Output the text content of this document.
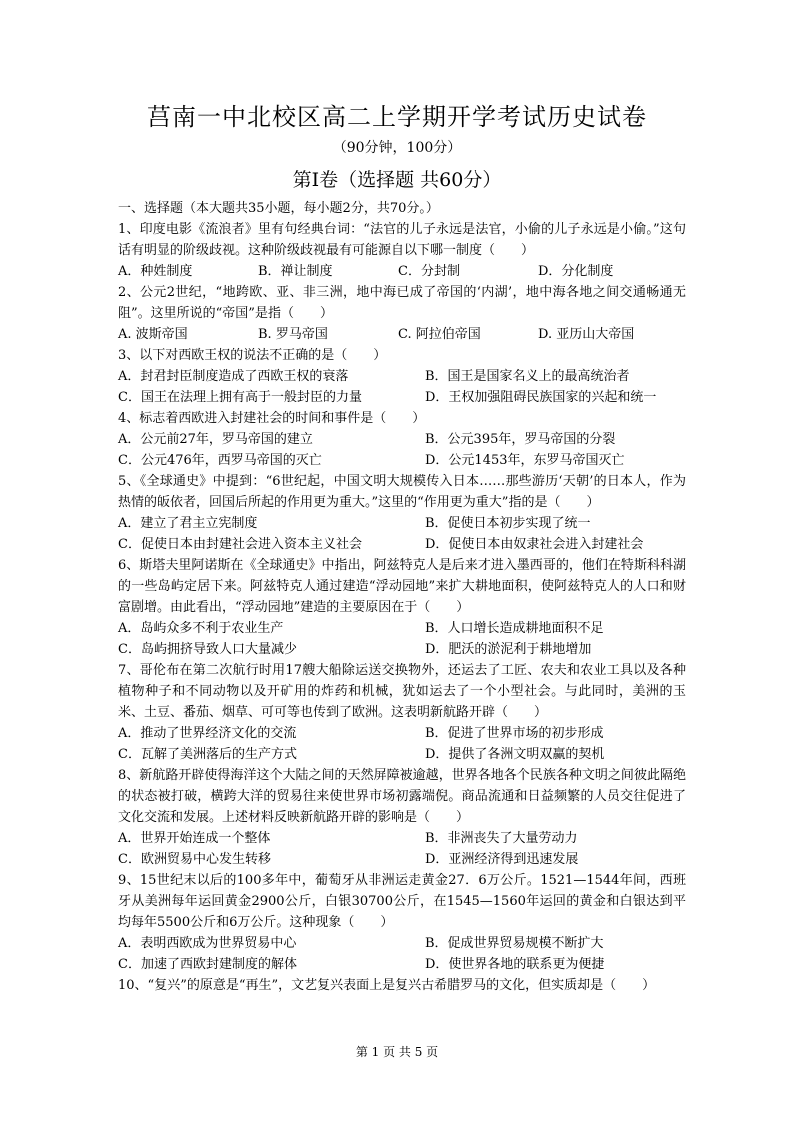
莒南一中北校区高二上学期开学考试历史试卷
（90分钟，100分）
第Ⅰ卷（选择题 共60分）
一、选择题（本大题共35小题，每小题2分，共70分。）
1、印度电影《流浪者》里有句经典台词：“法官的儿子永远是法官，小偷的儿子永远是小偷。”这句话有明显的阶级歧视。这种阶级歧视最有可能源自以下哪一制度（　　）
A．种姓制度	B．禅让制度	C．分封制	D．分化制度
2、公元2世纪，“地跨欧、亚、非三洲，地中海已成了帝国的‘内湖’，地中海各地之间交通畅通无阻”。这里所说的“帝国”是指（　　）
A. 波斯帝国	B. 罗马帝国	C. 阿拉伯帝国	D. 亚历山大帝国
3、以下对西欧王权的说法不正确的是（　　）
A．封君封臣制度造成了西欧王权的衰落	B．国王是国家名义上的最高统治者
C．国王在法理上拥有高于一般封臣的力量	D．王权加强阻碍民族国家的兴起和统一
4、标志着西欧进入封建社会的时间和事件是（　　）
A．公元前27年，罗马帝国的建立	B．公元395年，罗马帝国的分裂
C．公元476年，西罗马帝国的灭亡	D．公元1453年，东罗马帝国灭亡
5、《全球通史》中提到：“6世纪起，中国文明大规模传入日本……那些游历‘天朝’的日本人，作为热情的皈依者，回国后所起的作用更为重大。”这里的“作用更为重大”指的是（　　）
A．建立了君主立宪制度	B．促使日本初步实现了统一
C．促使日本由封建社会进入资本主义社会	D．促使日本由奴隶社会进入封建社会
6、斯塔夫里阿诺斯在《全球通史》中指出，阿兹特克人是后来才进入墨西哥的，他们在特斯科科湖的一些岛屿定居下来。阿兹特克人通过建造“浮动园地”来扩大耕地面积，使阿兹特克人的人口和财富剧增。由此看出，“浮动园地”建造的主要原因在于（　　）
A．岛屿众多不利于农业生产	B．人口增长造成耕地面积不足
C．岛屿拥挤导致人口大量减少	D．肥沃的淤泥利于耕地增加
7、哥伦布在第二次航行时用17艘大船除运送交换物外，还运去了工匠、农夫和农业工具以及各种植物种子和不同动物以及开矿用的炸药和机械，犹如运去了一个小型社会。与此同时，美洲的玉米、土豆、番茄、烟草、可可等也传到了欧洲。这表明新航路开辟（　　）
A．推动了世界经济文化的交流	B．促进了世界市场的初步形成
C．瓦解了美洲落后的生产方式	D．提供了各洲文明双赢的契机
8、新航路开辟使得海洋这个大陆之间的天然屏障被逾越，世界各地各个民族各种文明之间彼此隔绝的状态被打破，横跨大洋的贸易往来使世界市场初露端倪。商品流通和日益频繁的人员交往促进了文化交流和发展。上述材料反映新航路开辟的影响是（　　）
A．世界开始连成一个整体	B．非洲丧失了大量劳动力
C．欧洲贸易中心发生转移	D．亚洲经济得到迅速发展
9、15世纪末以后的100多年中，葡萄牙从非洲运走黄金27．6万公斤。1521—1544年间，西班牙从美洲每年运回黄金2900公斤，白银30700公斤，在1545—1560年运回的黄金和白银达到平均每年5500公斤和6万公斤。这种现象（　　）
A．表明西欧成为世界贸易中心	B．促成世界贸易规模不断扩大
C．加速了西欧封建制度的解体	D．使世界各地的联系更为便捷
10、“复兴”的原意是“再生”，文艺复兴表面上是复兴古希腊罗马的文化，但实质却是（　　）
第 1 页 共 5 页
